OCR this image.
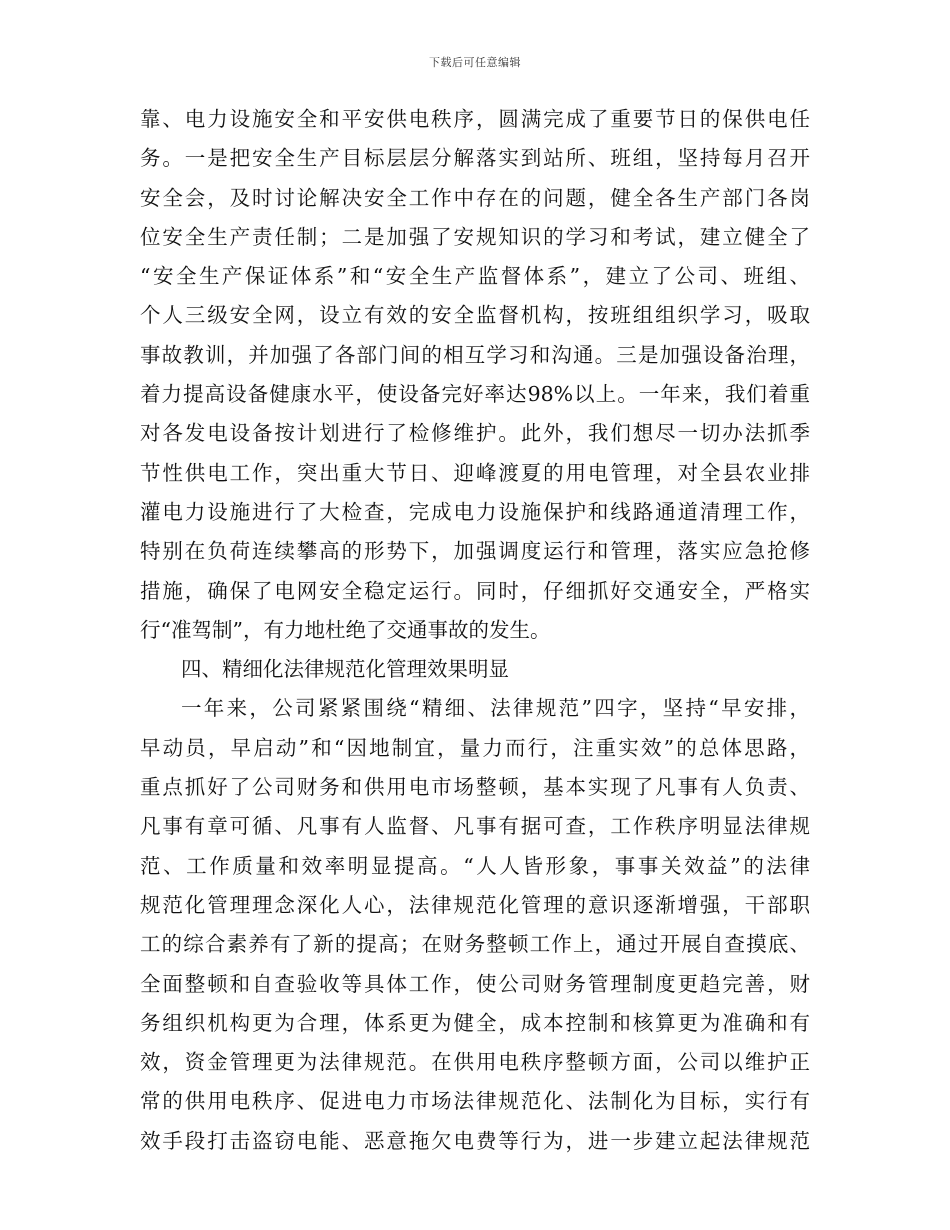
下载后可任意编辑
靠、电力设施安全和平安供电秩序，圆满完成了重要节日的保供电任
务。一是把安全生产目标层层分解落实到站所、班组，坚持每月召开
安全会，及时讨论解决安全工作中存在的问题，健全各生产部门各岗
位安全生产责任制；二是加强了安规知识的学习和考试，建立健全了
“安全生产保证体系”和“安全生产监督体系”，建立了公司、班组、
个人三级安全网，设立有效的安全监督机构，按班组组织学习，吸取
事故教训，并加强了各部门间的相互学习和沟通。三是加强设备治理，
着力提高设备健康水平，使设备完好率达98%以上。一年来，我们着重
对各发电设备按计划进行了检修维护。此外，我们想尽一切办法抓季
节性供电工作，突出重大节日、迎峰渡夏的用电管理，对全县农业排
灌电力设施进行了大检查，完成电力设施保护和线路通道清理工作，
特别在负荷连续攀高的形势下，加强调度运行和管理，落实应急抢修
措施，确保了电网安全稳定运行。同时，仔细抓好交通安全，严格实
行“准驾制”，有力地杜绝了交通事故的发生。
四、精细化法律规范化管理效果明显
一年来，公司紧紧围绕“精细、法律规范”四字，坚持“早安排，
早动员，早启动”和“因地制宜，量力而行，注重实效”的总体思路，
重点抓好了公司财务和供用电市场整顿，基本实现了凡事有人负责、
凡事有章可循、凡事有人监督、凡事有据可查，工作秩序明显法律规
范、工作质量和效率明显提高。“人人皆形象，事事关效益”的法律
规范化管理理念深化人心，法律规范化管理的意识逐渐增强，干部职
工的综合素养有了新的提高；在财务整顿工作上，通过开展自查摸底、
全面整顿和自查验收等具体工作，使公司财务管理制度更趋完善，财
务组织机构更为合理，体系更为健全，成本控制和核算更为准确和有
效，资金管理更为法律规范。在供用电秩序整顿方面，公司以维护正
常的供用电秩序、促进电力市场法律规范化、法制化为目标，实行有
效手段打击盗窃电能、恶意拖欠电费等行为，进一步建立起法律规范
